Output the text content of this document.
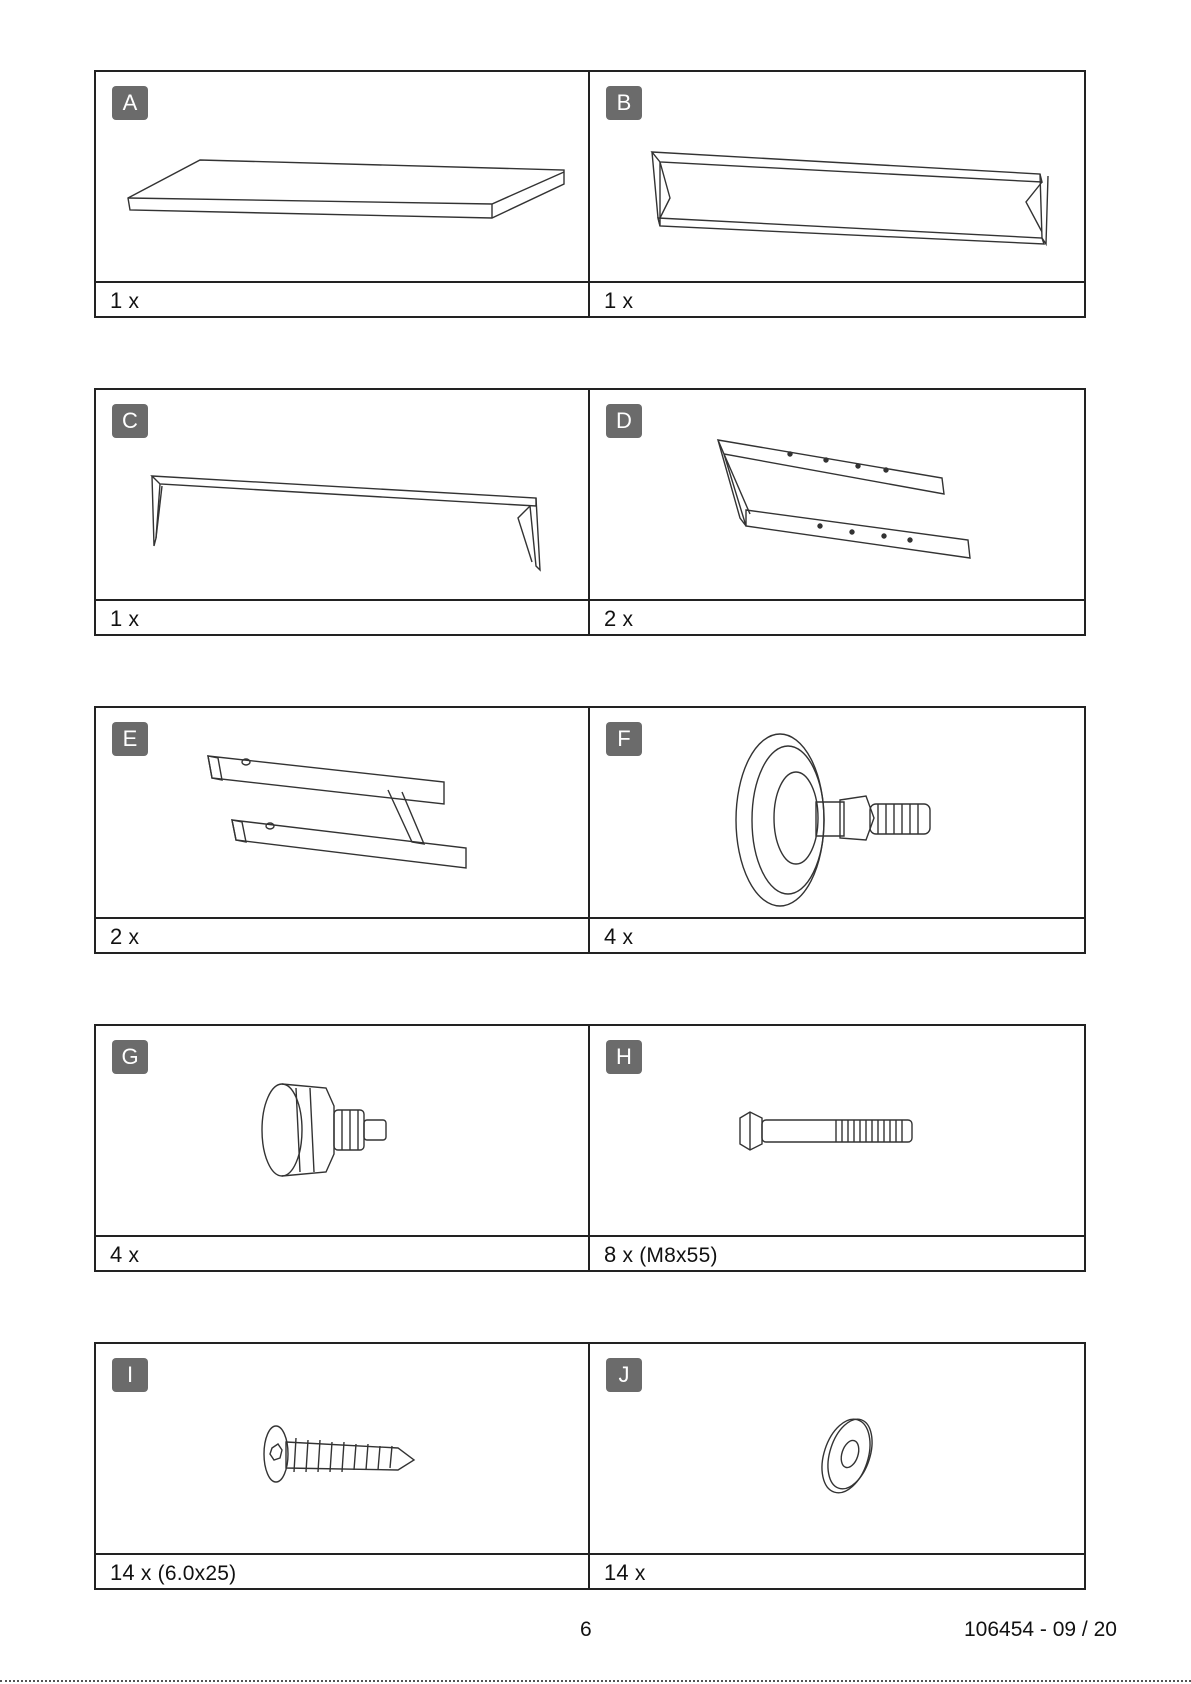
A
1 x
B
1 x
C
1 x
D
2 x
E
2 x
F
4 x
G
4 x
H
8 x (M8x55)
I
14 x (6.0x25)
J
14 x
6	106454 - 09 / 20
